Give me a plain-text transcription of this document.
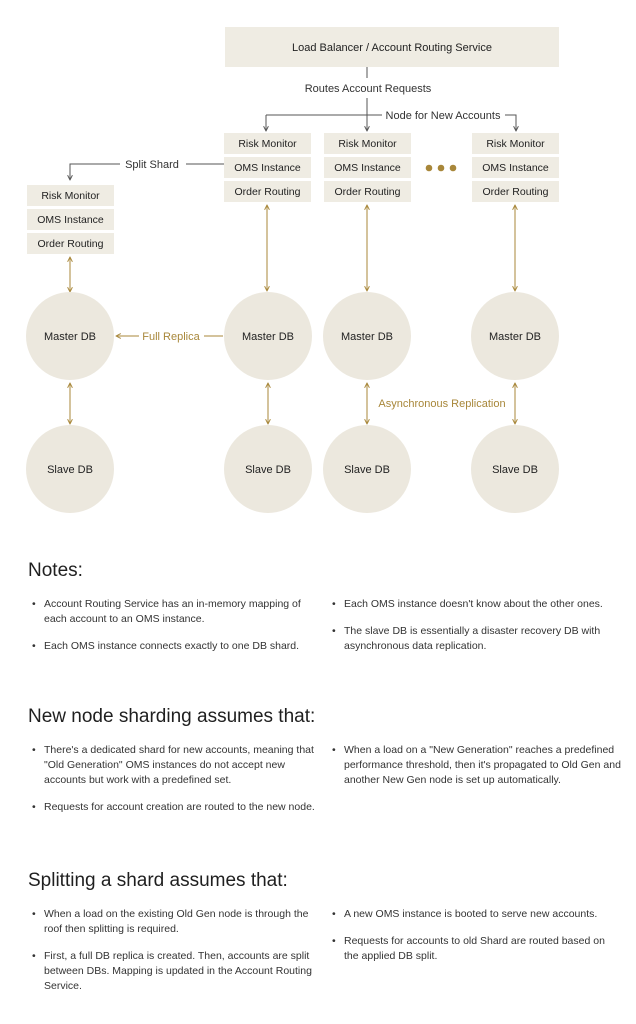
Load Balancer / Account Routing Service
Routes Account Requests
Node for New Accounts
Split Shard
Risk Monitor
OMS Instance
Order Routing
Risk Monitor
OMS Instance
Order Routing
Risk Monitor
OMS Instance
Order Routing
Risk Monitor
OMS Instance
Order Routing
Master DB	Master DB	Master DB	Master DB
Full Replica
Asynchronous Replication
Slave DB	Slave DB	Slave DB	Slave DB
Notes:
• Account Routing Service has an in-memory mapping of each account to an OMS instance.
• Each OMS instance connects exactly to one DB shard.
• Each OMS instance doesn't know about the other ones.
• The slave DB is essentially a disaster recovery DB with asynchronous data replication.
New node sharding assumes that:
• There's a dedicated shard for new accounts, meaning that "Old Generation" OMS instances do not accept new accounts but work with a predefined set.
• Requests for account creation are routed to the new node.
• When a load on a "New Generation" reaches a predefined performance threshold, then it's propagated to Old Gen and another New Gen node is set up automatically.
Splitting a shard assumes that:
• When a load on the existing Old Gen node is through the roof then splitting is required.
• First, a full DB replica is created. Then, accounts are split between DBs. Mapping is updated in the Account Routing Service.
• A new OMS instance is booted to serve new accounts.
• Requests for accounts to old Shard are routed based on the applied DB split.
